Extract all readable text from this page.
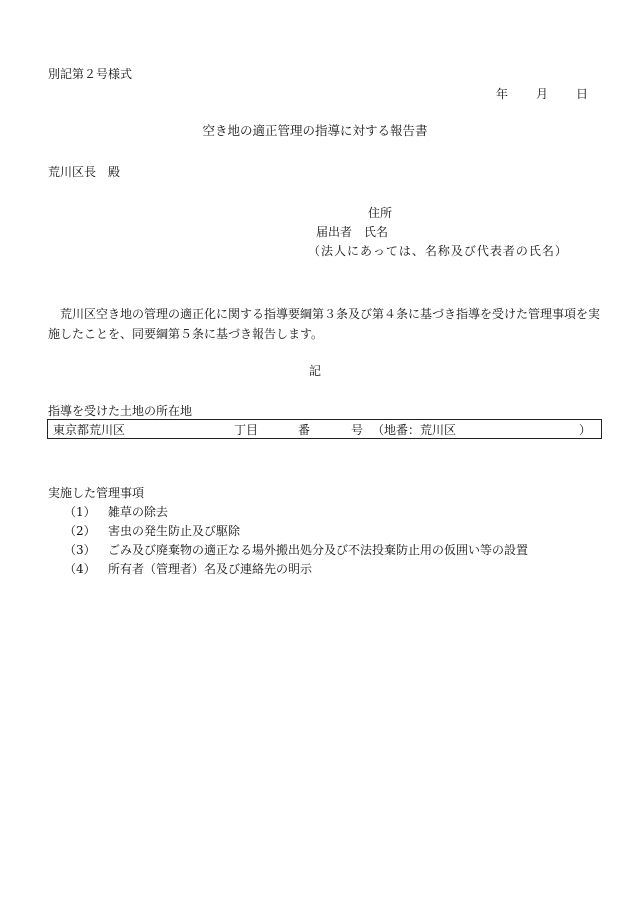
別記第２号様式
年 月 日
空き地の適正管理の指導に対する報告書
荒川区長　殿
住所
届出者 氏名
（法人にあっては、名称及び代表者の氏名）
荒川区空き地の管理の適正化に関する指導要綱第３条及び第４条に基づき指導を受けた管理事項を実施したことを、同要綱第５条に基づき報告します。
記
指導を受けた土地の所在地
東京都荒川区	丁目	番	号 （地番：荒川区	）
実施した管理事項
（1） 雑草の除去
（2） 害虫の発生防止及び駆除
（3） ごみ及び廃棄物の適正なる場外搬出処分及び不法投棄防止用の仮囲い等の設置
（4） 所有者（管理者）名及び連絡先の明示
